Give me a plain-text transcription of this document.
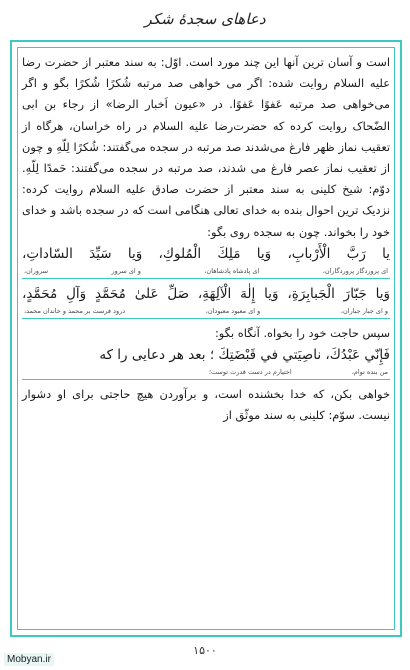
دعاهای سجدهٔ شکر

است و آسان ترین آنها این چند مورد است. اوّل: به سند معتبر از حضرت رضا علیه السلام روایت شده: اگر می خواهی صد مرتبه شُکرًا شُکرًا بگو و اگر می‌خواهی صد مرتبه عَفوًا عَفوًا. در «عیون اَخبار الرضا» از رجاء بن ابی الضّحاک روایت کرده که حضرت‌رضا علیه السلام در راه خراسان، هرگاه از تعقیب نماز ظهر فارغ می‌شدند صد مرتبه در سجده می‌گفتند: شُکرًا لِلّهِ و چون از تعقیب نماز عصر فارغ می شدند، صد مرتبه در سجده می‌گفتند: حَمدًا لِلّهِ. دوّم: شیخ کلینی به سند معتبر از حضرت صادق علیه السلام روایت کرده: نزدیک ترین احوال بنده به خدای تعالی هنگامی است که در سجده باشد و خدای خود را بخواند. چون به سجده روی بگو:

يا رَبَّ الْأَرْبابِ، وَيا مَلِكَ الْمُلوكِ، وَيا سَيِّدَ السّاداتِ،
ای پروردگار پروردگاران،
ای پادشاه پادشاهان،
و ای سرور
سروران،
وَيا جَبّارَ الْجَبابِرَةِ، وَيا إِلٰهَ الْآلِهَةِ، صَلِّ عَلىٰ مُحَمَّدٍ وَآلِ مُحَمَّدٍ،
و ای جبار جباران،
و ای معبود معبودان،
درود فرست بر محمد و خاندان محمد،

سپس حاجت خود را بخواه. آنگاه بگو:

فَإِنّي عَبْدُكَ، ناصِيَتي في قَبْضَتِكَ ؛ بعد هر دعایی را که
من بنده توام،
اختیارم در دست قدرت توست؛

خواهی بکن، که خدا بخشنده است، و برآوردن هیچ حاجتی برای او دشوار نیست. سوّم: کلینی به سند موثّق از

۱۵۰۰
Mobyan.ir
